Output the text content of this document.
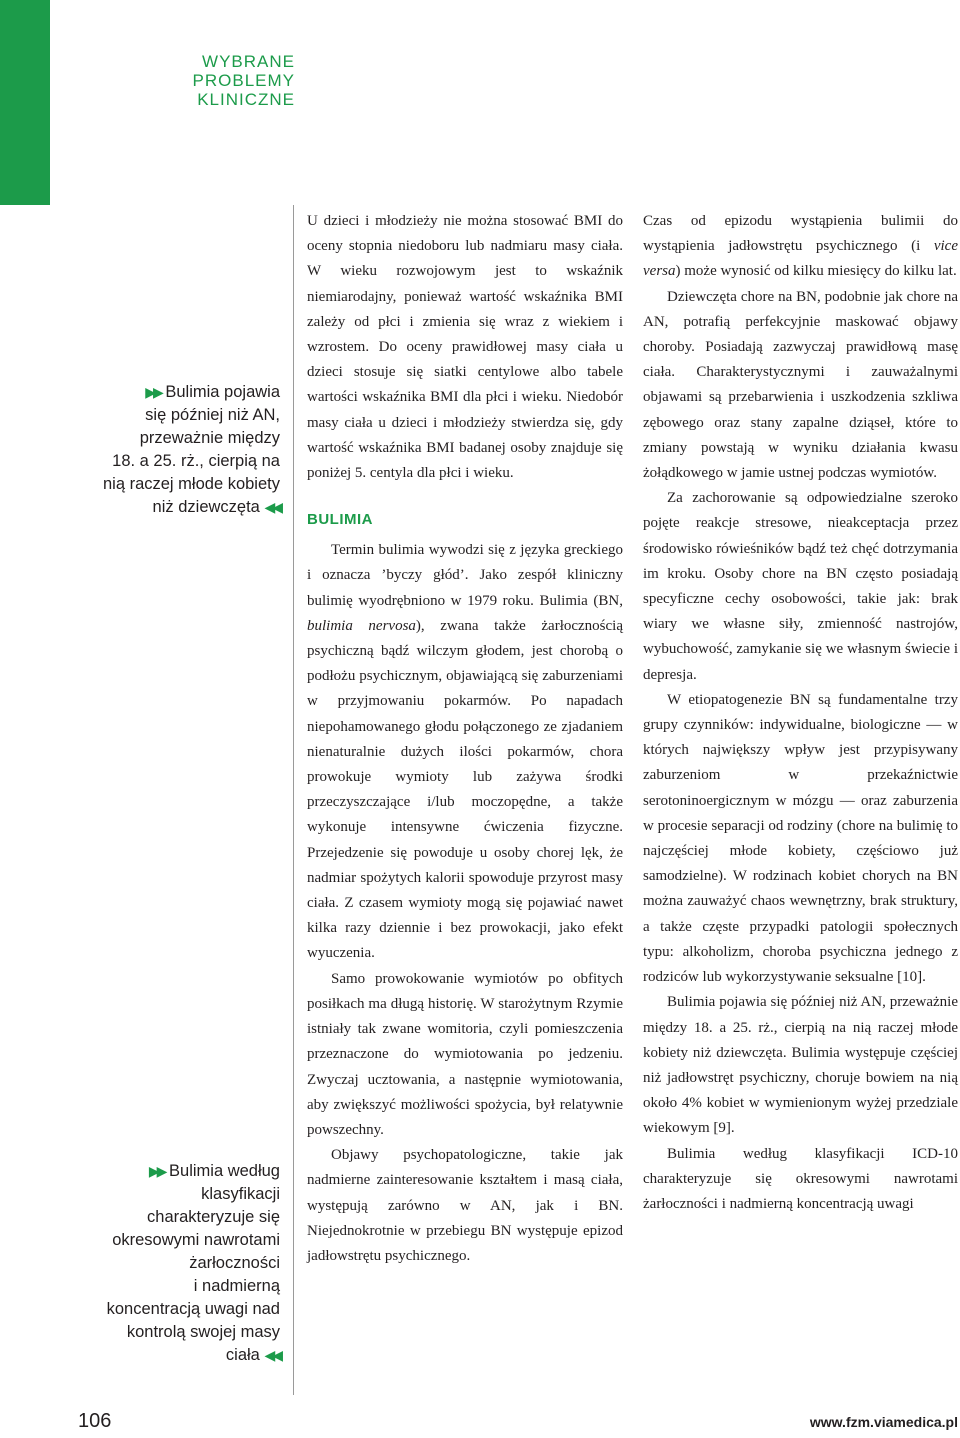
WYBRANE
PROBLEMY
KLINICZNE
▶▶ Bulimia pojawia
się później niż AN,
przeważnie między
18. a 25. rż., cierpią na
nią raczej młode kobiety
niż dziewczęta ◀◀
▶▶ Bulimia według
klasyfikacji
charakteryzuje się
okresowymi nawrotami
żarłoczności
i nadmierną
koncentracją uwagi nad
kontrolą swojej masy
ciała ◀◀

U dzieci i młodzieży nie można stosować BMI do oceny stopnia niedoboru lub nadmiaru masy ciała. W wieku rozwojowym jest to wskaźnik niemiarodajny, ponieważ wartość wskaźnika BMI zależy od płci i zmienia się wraz z wiekiem i wzrostem. Do oceny prawidłowej masy ciała u dzieci stosuje się siatki centylowe albo tabele wartości wskaźnika BMI dla płci i wieku. Niedobór masy ciała u dzieci i młodzieży stwierdza się, gdy wartość wskaźnika BMI badanej osoby znajduje się poniżej 5. centyla dla płci i wieku.

BULIMIA

Termin bulimia wywodzi się z języka greckiego i oznacza ’byczy głód’. Jako zespół kliniczny bulimię wyodrębniono w 1979 roku. Bulimia (BN, bulimia nervosa), zwana także żarłocznością psychiczną bądź wilczym głodem, jest chorobą o podłożu psychicznym, objawiającą się zaburzeniami w przyjmowaniu pokarmów. Po napadach niepohamowanego głodu połączonego ze zjadaniem nienaturalnie dużych ilości pokarmów, chora prowokuje wymioty lub zażywa środki przeczyszczające i/lub moczopędne, a także wykonuje intensywne ćwiczenia fizyczne. Przejedzenie się powoduje u osoby chorej lęk, że nadmiar spożytych kalorii spowoduje przyrost masy ciała. Z czasem wymioty mogą się pojawiać nawet kilka razy dziennie i bez prowokacji, jako efekt wyuczenia.

Samo prowokowanie wymiotów po obfitych posiłkach ma długą historię. W starożytnym Rzymie istniały tak zwane womitoria, czyli pomieszczenia przeznaczone do wymiotowania po jedzeniu. Zwyczaj ucztowania, a następnie wymiotowania, aby zwiększyć możliwości spożycia, był relatywnie powszechny.

Objawy psychopatologiczne, takie jak nadmierne zainteresowanie kształtem i masą ciała, występują zarówno w AN, jak i BN. Niejednokrotnie w przebiegu BN występuje epizod jadłowstrętu psychicznego.

Czas od epizodu wystąpienia bulimii do wystąpienia jadłowstrętu psychicznego (i vice versa) może wynosić od kilku miesięcy do kilku lat.

Dziewczęta chore na BN, podobnie jak chore na AN, potrafią perfekcyjnie maskować objawy choroby. Posiadają zazwyczaj prawidłową masę ciała. Charakterystycznymi i zauważalnymi objawami są przebarwienia i uszkodzenia szkliwa zębowego oraz stany zapalne dziąseł, które to zmiany powstają w wyniku działania kwasu żołądkowego w jamie ustnej podczas wymiotów.

Za zachorowanie są odpowiedzialne szeroko pojęte reakcje stresowe, nieakceptacja przez środowisko rówieśników bądź też chęć dotrzymania im kroku. Osoby chore na BN często posiadają specyficzne cechy osobowości, takie jak: brak wiary we własne siły, zmienność nastrojów, wybuchowość, zamykanie się we własnym świecie i depresja.

W etiopatogenezie BN są fundamentalne trzy grupy czynników: indywidualne, biologiczne — w których największy wpływ jest przypisywany zaburzeniom w przekaźnictwie serotoninoergicznym w mózgu — oraz zaburzenia w procesie separacji od rodziny (chore na bulimię to najczęściej młode kobiety, częściowo już samodzielne). W rodzinach kobiet chorych na BN można zauważyć chaos wewnętrzny, brak struktury, a także częste przypadki patologii społecznych typu: alkoholizm, choroba psychiczna jednego z rodziców lub wykorzystywanie seksualne [10].

Bulimia pojawia się później niż AN, przeważnie między 18. a 25. rż., cierpią na nią raczej młode kobiety niż dziewczęta. Bulimia występuje częściej niż jadłowstręt psychiczny, choruje bowiem na nią około 4% kobiet w wymienionym wyżej przedziale wiekowym [9].

Bulimia według klasyfikacji ICD-10 charakteryzuje się okresowymi nawrotami żarłoczności i nadmierną koncentracją uwagi

106	www.fzm.viamedica.pl
